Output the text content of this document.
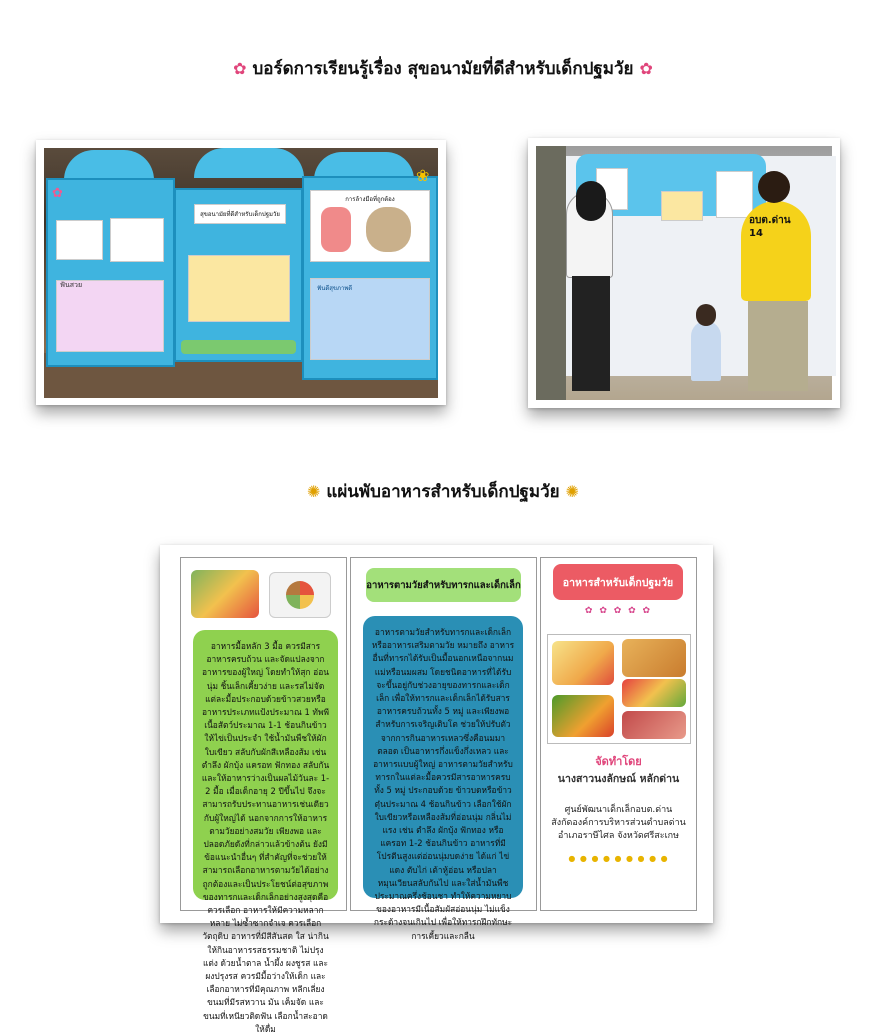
✿ บอร์ดการเรียนรู้เรื่อง สุขอนามัยที่ดีสำหรับเด็กปฐมวัย ✿
ฟันสวย
✿
สุขอนามัยที่ดีสำหรับเด็กปฐมวัย
การล้างมือที่ถูกต้อง
ฟันดีสุขภาพดี
❀
อบต.ด่าน 14
✺ แผ่นพับอาหารสำหรับเด็กปฐมวัย ✺
อาหารมื้อหลัก 3 มื้อ ควรมีสารอาหารครบถ้วน และจัดแปลงจากอาหารของผู้ใหญ่ โดยทำให้สุก อ่อนนุ่ม ชิ้นเล็กเคี้ยวง่าย และรสไม่จัด แต่ละมื้อประกอบด้วยข้าวสวยหรืออาหารประเภทแป้งประมาณ 1 ทัพพี เนื้อสัตว์ประมาณ 1-1 ช้อนกินข้าว ให้ไข่เป็นประจำ ใช้น้ำมันพืชให้ผัก ใบเขียว สลับกับผักสีเหลืองส้ม เช่น ตำลึง ผักบุ้ง แครอท ฟักทอง สลับกัน และให้อาหารว่างเป็นผลไม้วันละ 1-2 มื้อ เมื่อเด็กอายุ 2 ปีขึ้นไป จึงจะสามารถรับประทานอาหารเช่นเดียวกับผู้ใหญ่ได้ นอกจากการให้อาหารตามวัยอย่างสมวัย เพียงพอ และ ปลอดภัยดังที่กล่าวแล้วข้างต้น ยังมีข้อแนะนำอื่นๆ ที่สำคัญที่จะช่วยให้สามารถเลือกอาหารตามวัยได้อย่างถูกต้องและเป็นประโยชน์ต่อสุขภาพของทารกและเด็กเล็กอย่างสูงสุดคือ ควรเลือก อาหารให้มีความหลากหลาย ไม่ซ้ำซากจำเจ ควรเลือกวัตถุดิบ อาหารที่มีสีสันสด ใส น่ากิน ให้กินอาหารรสธรรมชาติ ไม่ปรุงแต่ง ด้วยน้ำตาล น้ำผึ้ง ผงชูรส และผงปรุงรส ควรมีมื้อว่างให้เด็ก และเลือกอาหารที่มีคุณภาพ หลีกเลี่ยงขนมที่มีรสหวาน มัน เค็มจัด และขนมที่เหนียวติดฟัน เลือกน้ำสะอาดให้ดื่ม
อาหารตามวัยสำหรับทารกและเด็กเล็ก
อาหารตามวัยสำหรับทารกและเด็กเล็ก หรืออาหารเสริมตามวัย หมายถึง อาหารอื่นที่ทารกได้รับเป็นมื้อนอกเหนือจากนมแม่หรือนมผสม โดยชนิดอาหารที่ได้รับจะขึ้นอยู่กับช่วงอายุของทารกและเด็กเล็ก เพื่อให้ทารกและเด็กเล็กได้รับสารอาหารครบถ้วนทั้ง 5 หมู่ และเพียงพอสำหรับการเจริญเติบโต ช่วยให้ปรับตัวจากการกินอาหารเหลวซึ่งคือนมมาตลอด เป็นอาหารกึ่งแข็งกึ่งเหลว และอาหารแบบผู้ใหญ่ อาหารตามวัยสำหรับทารกในแต่ละมื้อควรมีสารอาหารครบ ทั้ง 5 หมู่ ประกอบด้วย ข้าวบดหรือข้าวตุ๋นประมาณ 4 ช้อนกินข้าว เลือกใช้ผักใบเขียวหรือเหลืองส้มที่อ่อนนุ่ม กลิ่นไม่แรง เช่น ตำลึง ผักบุ้ง ฟักทอง หรือแครอท 1-2 ช้อนกินข้าว อาหารที่มีโปรตีนสูงแต่อ่อนนุ่มบดง่าย ได้แก่ ไข่แดง ตับไก่ เต้าหู้อ่อน หรือปลา หมุนเวียนสลับกันไป และใส่น้ำมันพืชประมาณครึ่งช้อนชา ทำให้ความหยาบของอาหารมีเนื้อสัมผัสอ่อนนุ่ม ไม่แข็งกระด้างจนเกินไป เพื่อให้ทารกฝึกทักษะการเคี้ยวและกลืน
อาหารสำหรับเด็กปฐมวัย
✿ ✿ ✿ ✿ ✿
จัดทำโดย
นางสาวนงลักษณ์ หลักด่าน
ศูนย์พัฒนาเด็กเล็กอบต.ด่าน
สังกัดองค์การบริหารส่วนตำบลด่าน
อำเภอราษีไศล จังหวัดศรีสะเกษ
● ● ● ● ● ● ● ● ●
